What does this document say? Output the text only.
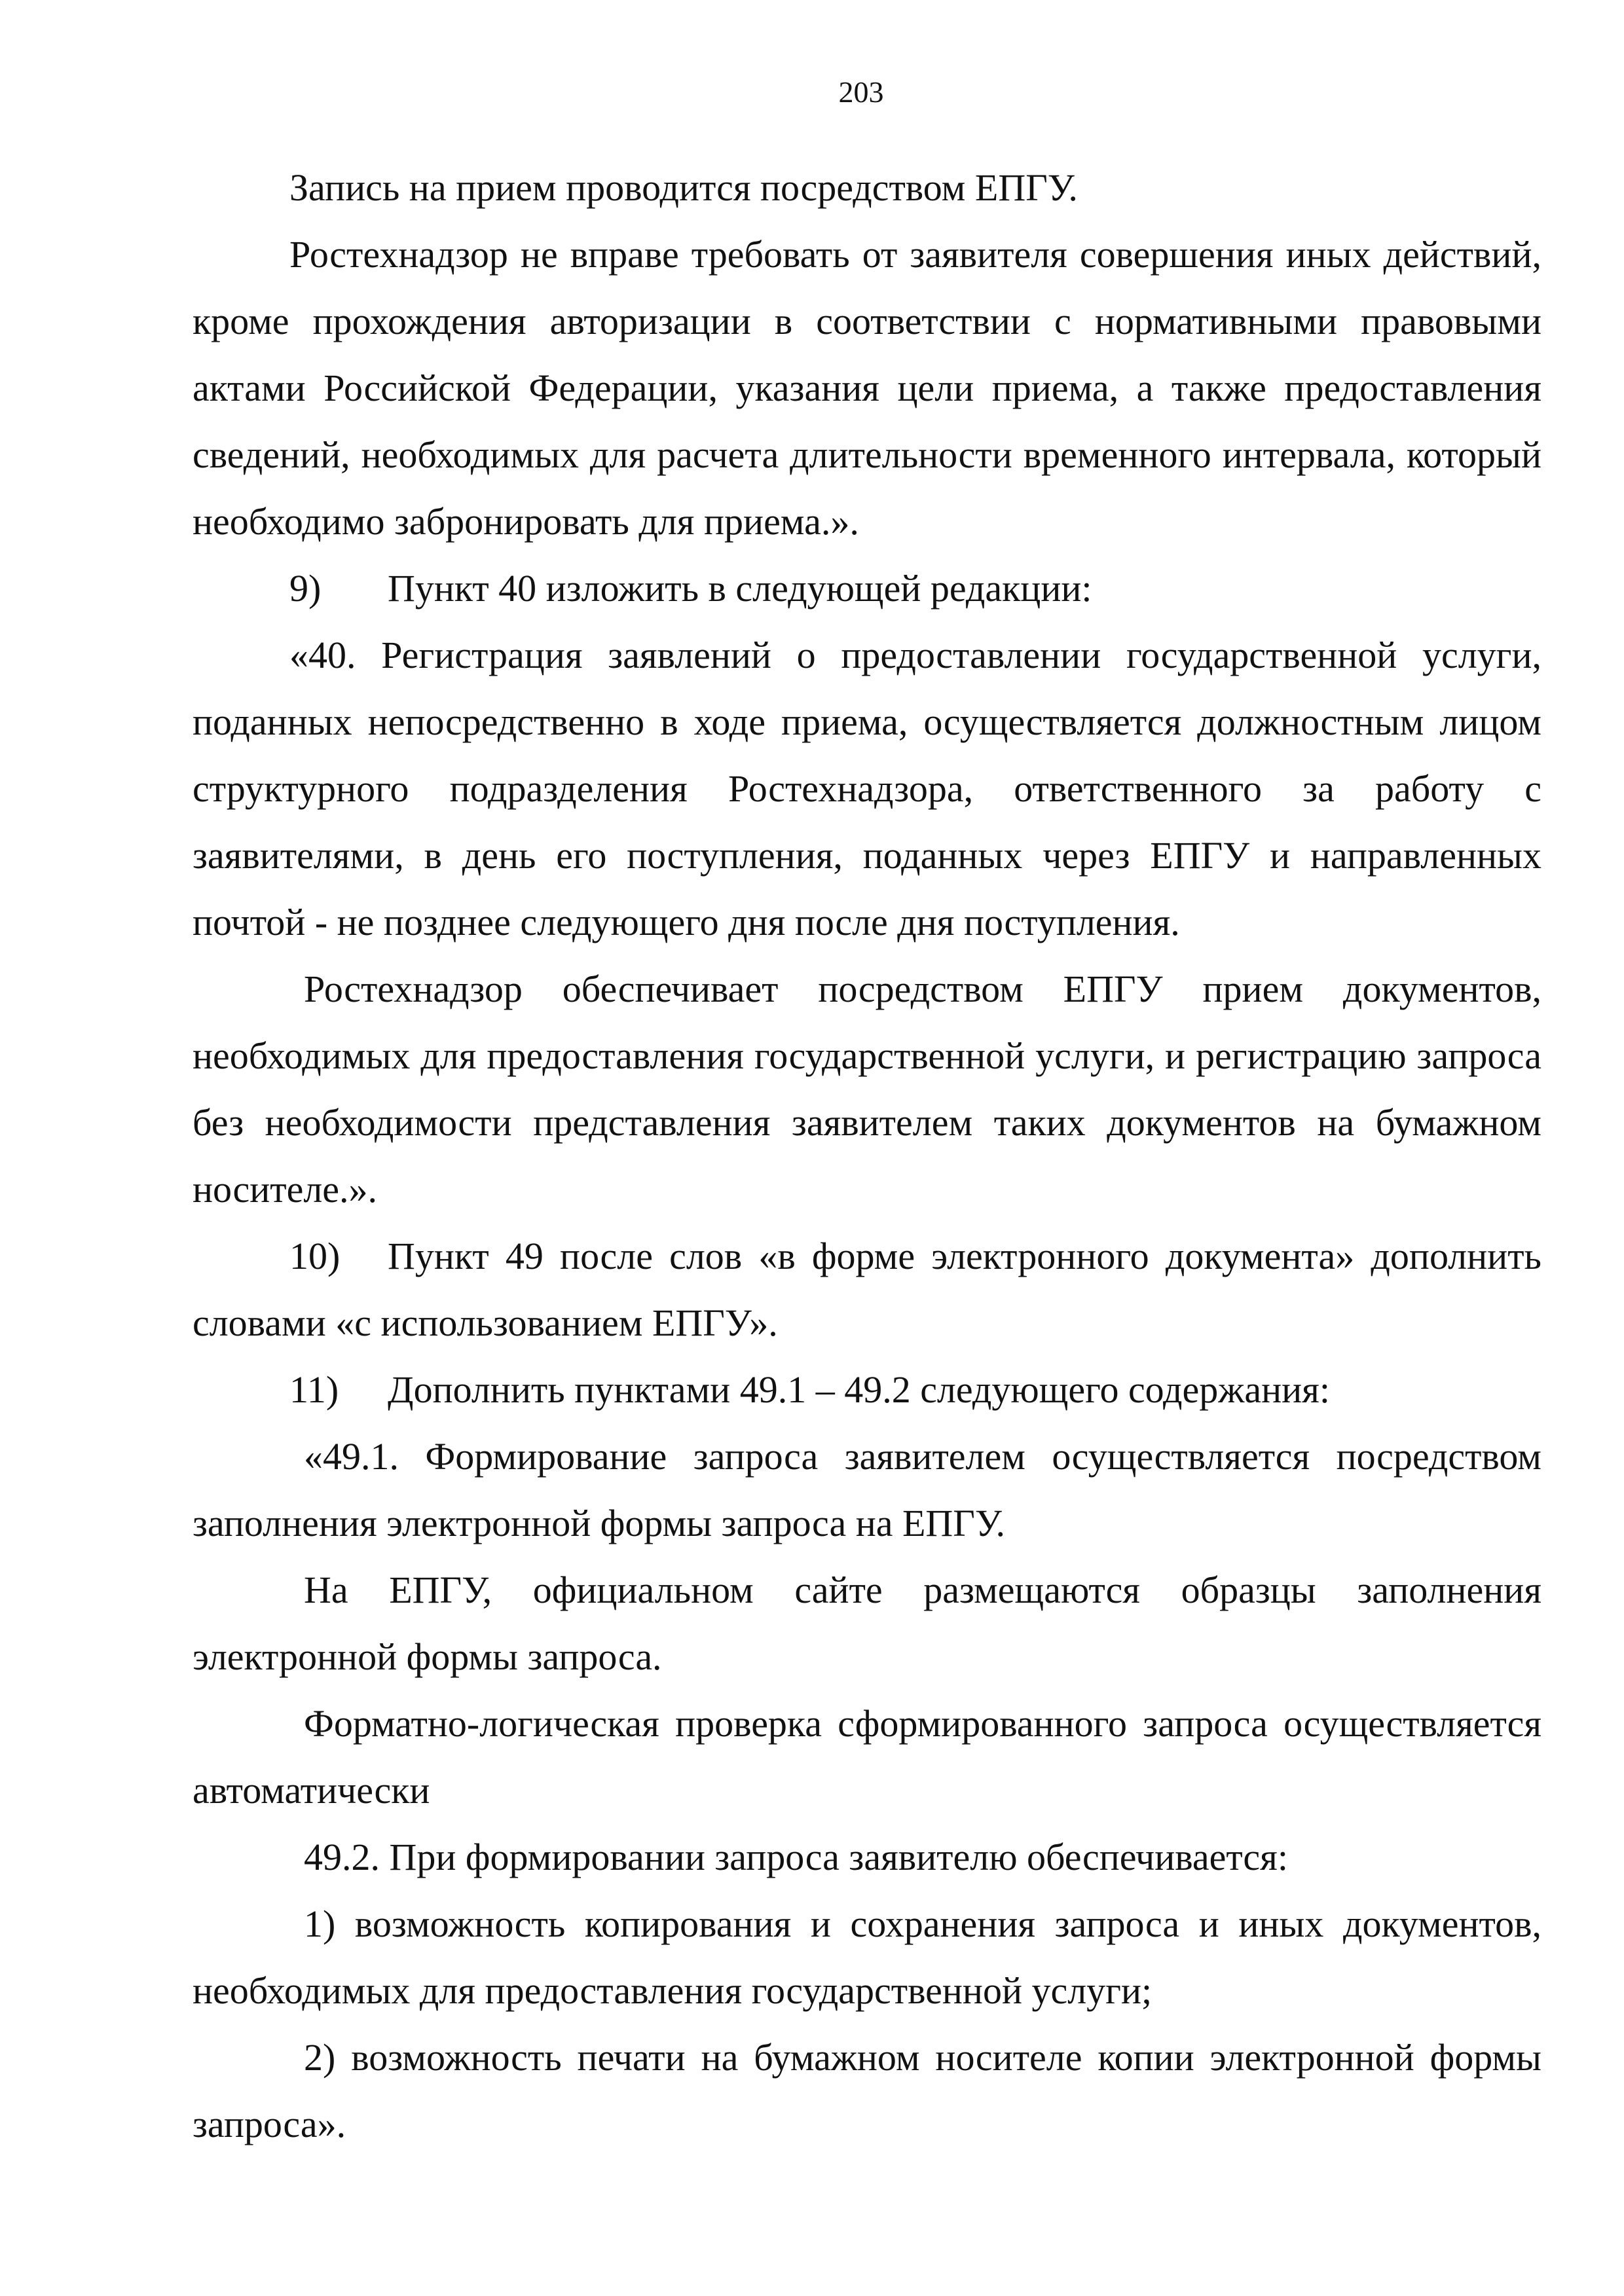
203

Запись на прием проводится посредством ЕПГУ.

Ростехнадзор не вправе требовать от заявителя совершения иных действий, кроме прохождения авторизации в соответствии с нормативными правовыми актами Российской Федерации, указания цели приема, а также предоставления сведений, необходимых для расчета длительности временного интервала, который необходимо забронировать для приема.».

9) Пункт 40 изложить в следующей редакции:

«40. Регистрация заявлений о предоставлении государственной услуги, поданных непосредственно в ходе приема, осуществляется должностным лицом структурного подразделения Ростехнадзора, ответственного за работу с заявителями, в день его поступления, поданных через ЕПГУ и направленных почтой - не позднее следующего дня после дня поступления.

Ростехнадзор обеспечивает посредством ЕПГУ прием документов, необходимых для предоставления государственной услуги, и регистрацию запроса без необходимости представления заявителем таких документов на бумажном носителе.».

10) Пункт 49 после слов «в форме электронного документа» дополнить

словами «с использованием ЕПГУ».

11) Дополнить пунктами 49.1 – 49.2 следующего содержания:

«49.1. Формирование запроса заявителем осуществляется посредством заполнения электронной формы запроса на ЕПГУ.

На ЕПГУ, официальном сайте размещаются образцы заполнения электронной формы запроса.

Форматно-логическая проверка сформированного запроса осуществляется автоматически

49.2. При формировании запроса заявителю обеспечивается:

1) возможность копирования и сохранения запроса и иных документов, необходимых для предоставления государственной услуги;

2) возможность печати на бумажном носителе копии электронной формы запроса».
